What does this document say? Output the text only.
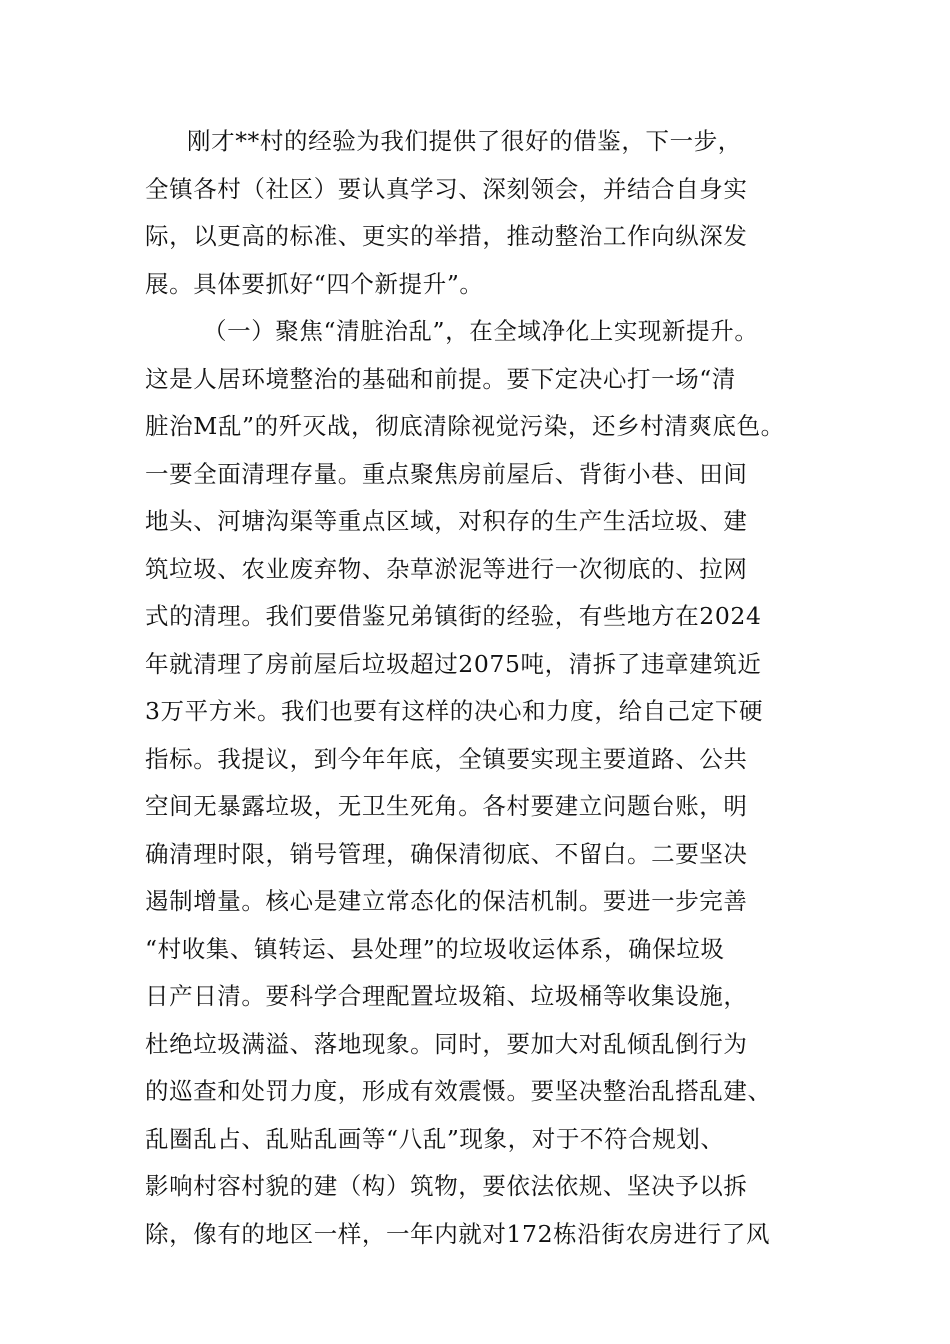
刚才**村的经验为我们提供了很好的借鉴，下一步，
全镇各村（社区）要认真学习、深刻领会，并结合自身实
际，以更高的标准、更实的举措，推动整治工作向纵深发
展。具体要抓好“四个新提升”。
（一）聚焦“清脏治乱”，在全域净化上实现新提升。
这是人居环境整治的基础和前提。要下定决心打一场“清
脏治M乱”的歼灭战，彻底清除视觉污染，还乡村清爽底色。
一要全面清理存量。重点聚焦房前屋后、背街小巷、田间
地头、河塘沟渠等重点区域，对积存的生产生活垃圾、建
筑垃圾、农业废弃物、杂草淤泥等进行一次彻底的、拉网
式的清理。我们要借鉴兄弟镇街的经验，有些地方在2024
年就清理了房前屋后垃圾超过2075吨，清拆了违章建筑近
3万平方米。我们也要有这样的决心和力度，给自己定下硬
指标。我提议，到今年年底，全镇要实现主要道路、公共
空间无暴露垃圾，无卫生死角。各村要建立问题台账，明
确清理时限，销号管理，确保清彻底、不留白。二要坚决
遏制增量。核心是建立常态化的保洁机制。要进一步完善
“村收集、镇转运、县处理”的垃圾收运体系，确保垃圾
日产日清。要科学合理配置垃圾箱、垃圾桶等收集设施，
杜绝垃圾满溢、落地现象。同时，要加大对乱倾乱倒行为
的巡查和处罚力度，形成有效震慑。要坚决整治乱搭乱建、
乱圈乱占、乱贴乱画等“八乱”现象，对于不符合规划、
影响村容村貌的建（构）筑物，要依法依规、坚决予以拆
除，像有的地区一样，一年内就对172栋沿街农房进行了风
